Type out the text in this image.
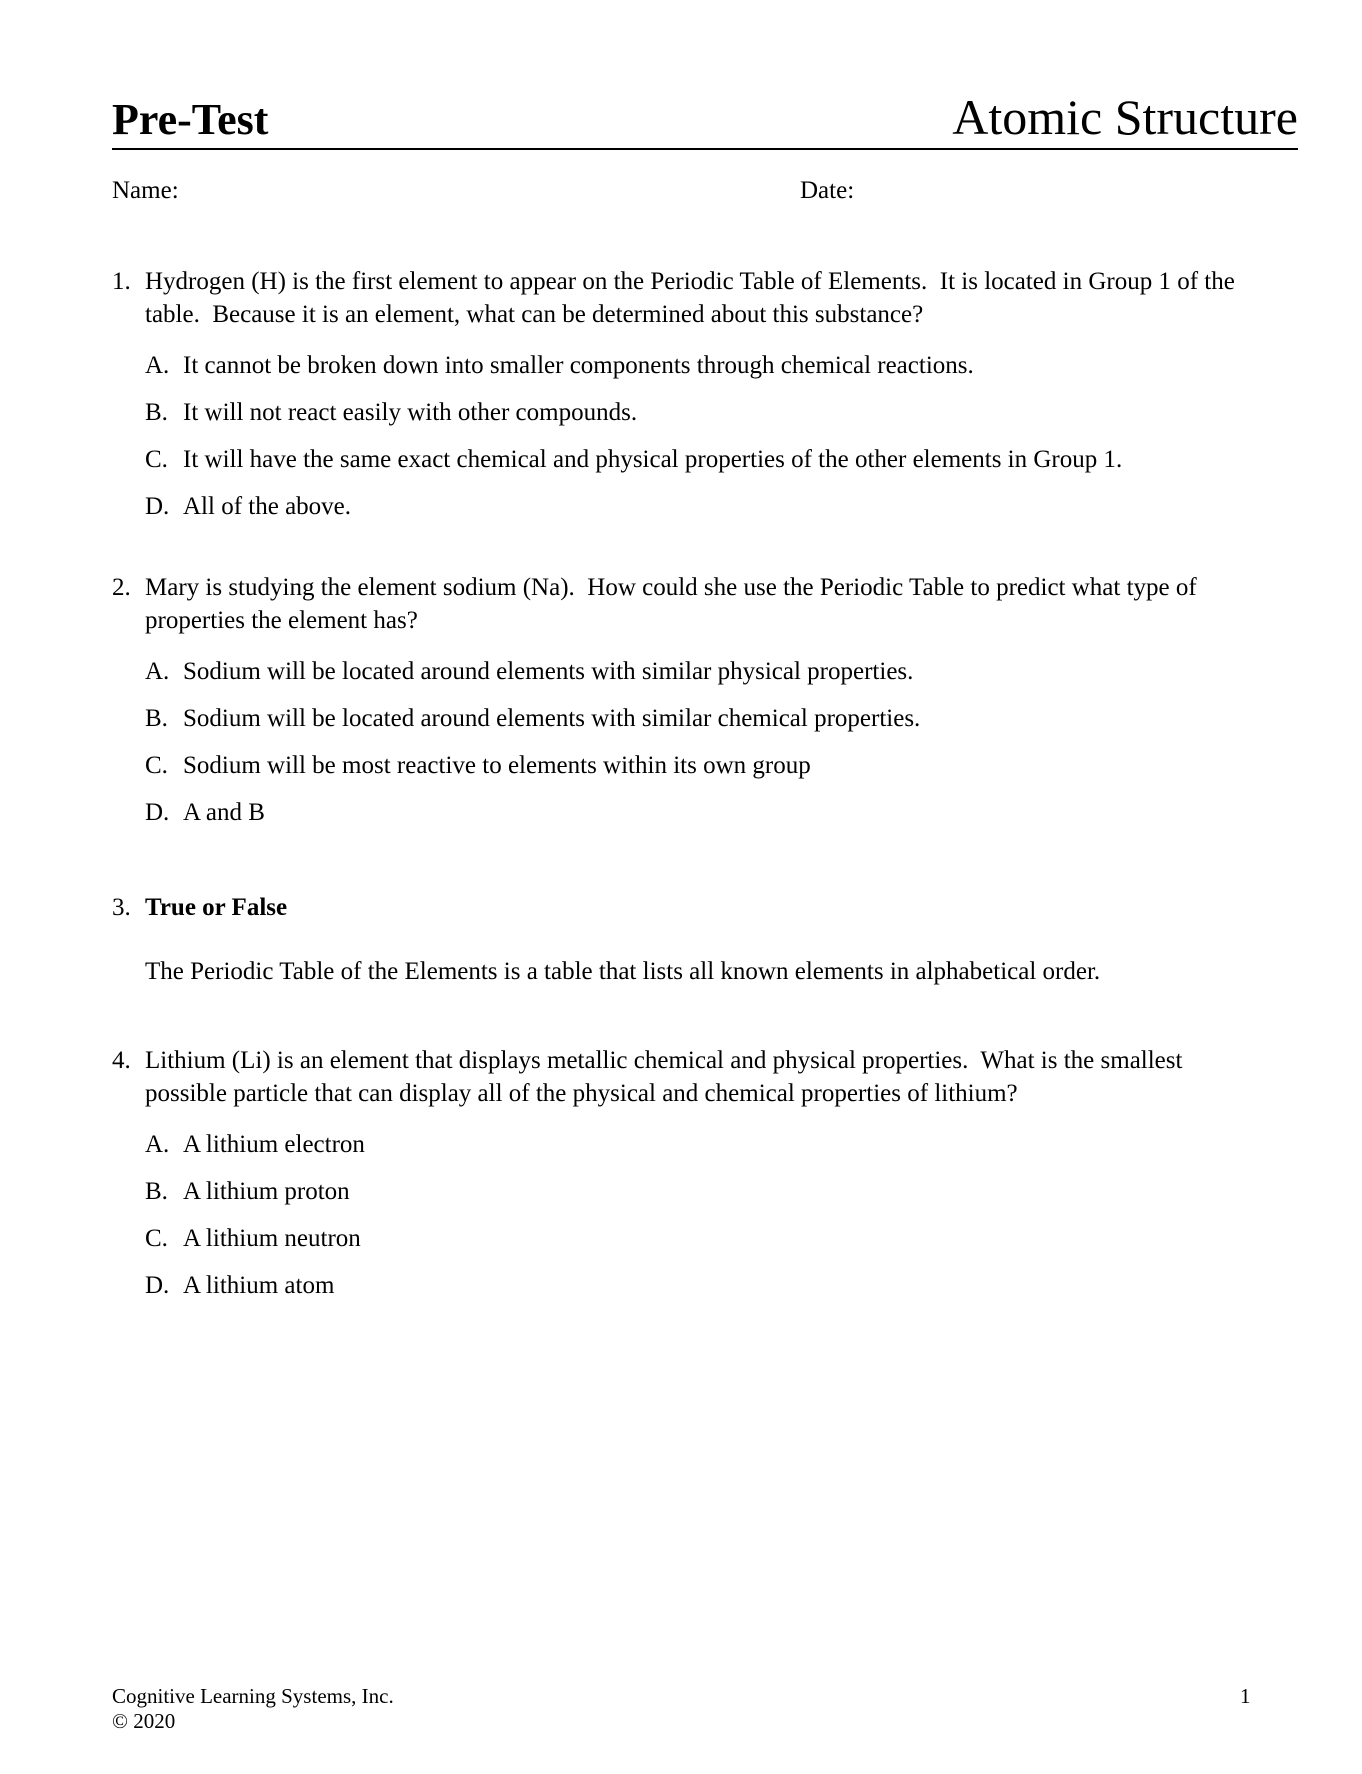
Pre-Test	Atomic Structure
Name:	Date:
1. Hydrogen (H) is the first element to appear on the Periodic Table of Elements.  It is located in Group 1 of the table.  Because it is an element, what can be determined about this substance?
A. It cannot be broken down into smaller components through chemical reactions.
B. It will not react easily with other compounds.
C. It will have the same exact chemical and physical properties of the other elements in Group 1.
D. All of the above.
2. Mary is studying the element sodium (Na).  How could she use the Periodic Table to predict what type of properties the element has?
A. Sodium will be located around elements with similar physical properties.
B. Sodium will be located around elements with similar chemical properties.
C. Sodium will be most reactive to elements within its own group
D. A and B
3. True or False
The Periodic Table of the Elements is a table that lists all known elements in alphabetical order.
4. Lithium (Li) is an element that displays metallic chemical and physical properties.  What is the smallest possible particle that can display all of the physical and chemical properties of lithium?
A. A lithium electron
B. A lithium proton
C. A lithium neutron
D. A lithium atom
Cognitive Learning Systems, Inc.
© 2020
1
